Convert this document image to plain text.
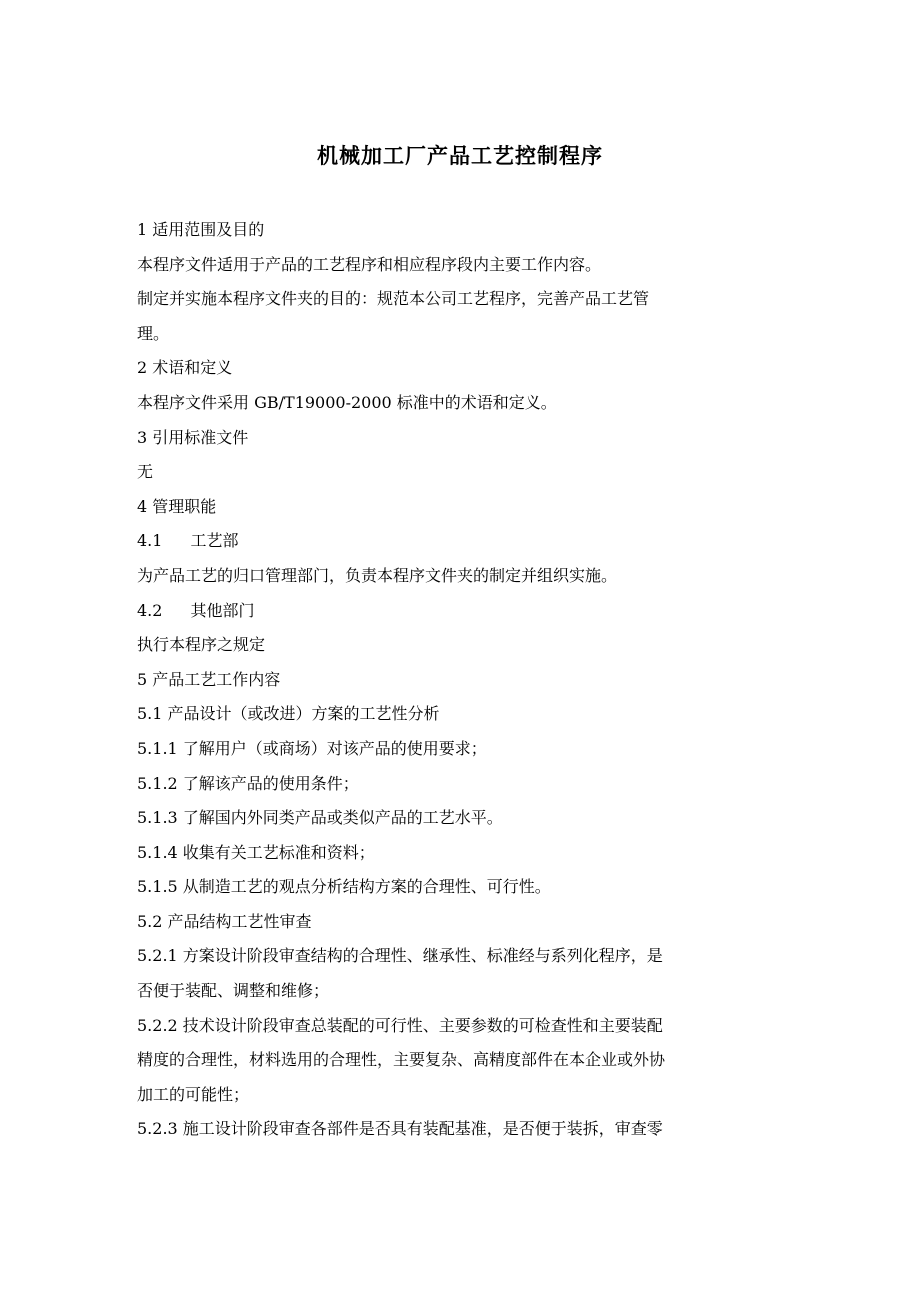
机械加工厂产品工艺控制程序
1 适用范围及目的
本程序文件适用于产品的工艺程序和相应程序段内主要工作内容。
制定并实施本程序文件夹的目的：规范本公司工艺程序，完善产品工艺管
理。
2 术语和定义
本程序文件采用 GB/T19000-2000 标准中的术语和定义。
3 引用标准文件
无
4 管理职能
4.1 工艺部
为产品工艺的归口管理部门，负责本程序文件夹的制定并组织实施。
4.2 其他部门
执行本程序之规定
5 产品工艺工作内容
5.1 产品设计（或改进）方案的工艺性分析
5.1.1 了解用户（或商场）对该产品的使用要求；
5.1.2 了解该产品的使用条件；
5.1.3 了解国内外同类产品或类似产品的工艺水平。
5.1.4 收集有关工艺标准和资料；
5.1.5 从制造工艺的观点分析结构方案的合理性、可行性。
5.2 产品结构工艺性审查
5.2.1 方案设计阶段审查结构的合理性、继承性、标准经与系列化程序，是
否便于装配、调整和维修；
5.2.2 技术设计阶段审查总装配的可行性、主要参数的可检查性和主要装配
精度的合理性，材料选用的合理性，主要复杂、高精度部件在本企业或外协
加工的可能性；
5.2.3 施工设计阶段审查各部件是否具有装配基准，是否便于装拆，审查零
